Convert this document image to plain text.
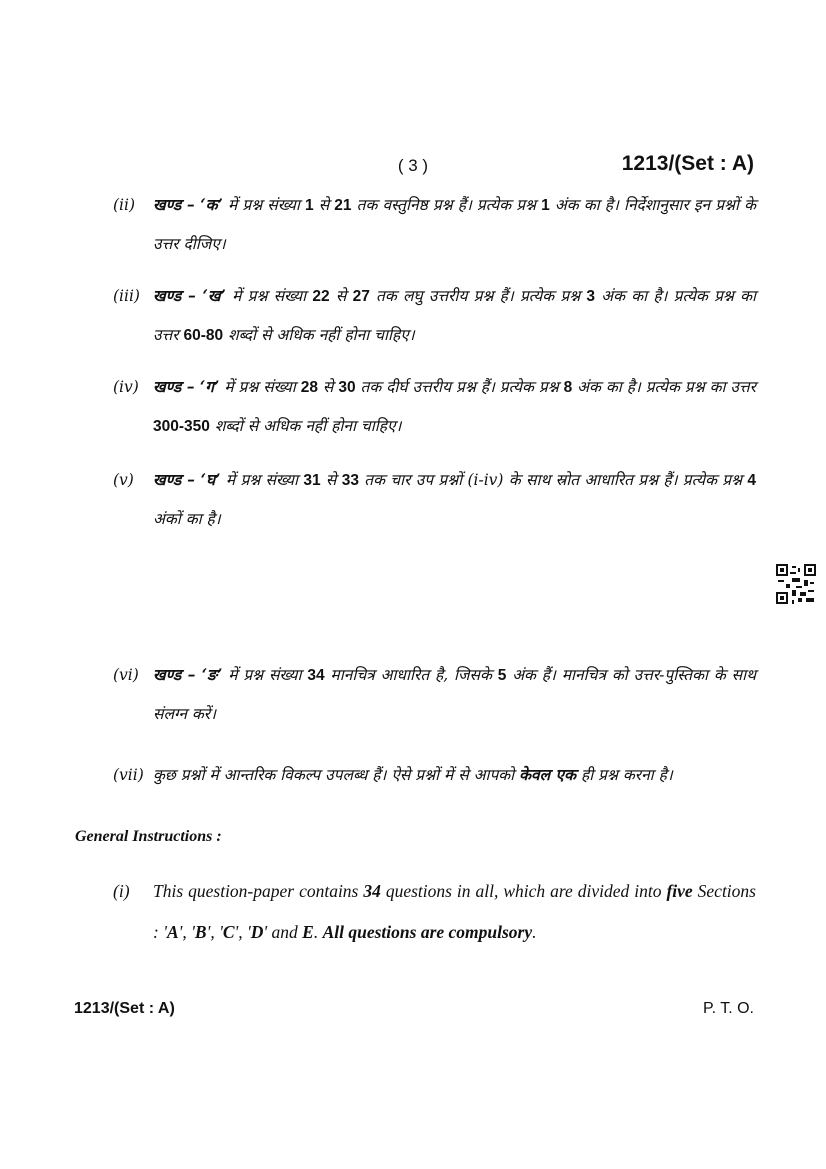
( 3 )	1213/(Set : A)
(ii)	खण्ड – ‘क’ में प्रश्न संख्या 1 से 21 तक वस्तुनिष्ठ प्रश्न हैं। प्रत्येक प्रश्न 1 अंक का है। निर्देशानुसार इन प्रश्नों के उत्तर दीजिए।
(iii) खण्ड – ‘ख’ में प्रश्न संख्या 22 से 27 तक लघु उत्तरीय प्रश्न हैं। प्रत्येक प्रश्न 3 अंक का है। प्रत्येक प्रश्न का उत्तर 60-80 शब्दों से अधिक नहीं होना चाहिए।
(iv) खण्ड – ‘ग’ में प्रश्न संख्या 28 से 30 तक दीर्घ उत्तरीय प्रश्न हैं। प्रत्येक प्रश्न 8 अंक का है। प्रत्येक प्रश्न का उत्तर 300-350 शब्दों से अधिक नहीं होना चाहिए।
(v)	खण्ड – ‘घ’ में प्रश्न संख्या 31 से 33 तक चार उप प्रश्नों (i-iv) के साथ स्रोत आधारित प्रश्न हैं। प्रत्येक प्रश्न 4 अंकों का है।
(vi) खण्ड – ‘ङ’ में प्रश्न संख्या 34 मानचित्र आधारित है, जिसके 5 अंक हैं। मानचित्र को उत्तर-पुस्तिका के साथ संलग्न करें।
(vii) कुछ प्रश्नों में आन्तरिक विकल्प उपलब्ध हैं। ऐसे प्रश्नों में से आपको केवल एक ही प्रश्न करना है।
General Instructions :
(i)	This question-paper contains 34 questions in all, which are divided into five Sections : 'A', 'B', 'C', 'D' and E. All questions are compulsory.
1213/(Set : A)	P. T. O.
